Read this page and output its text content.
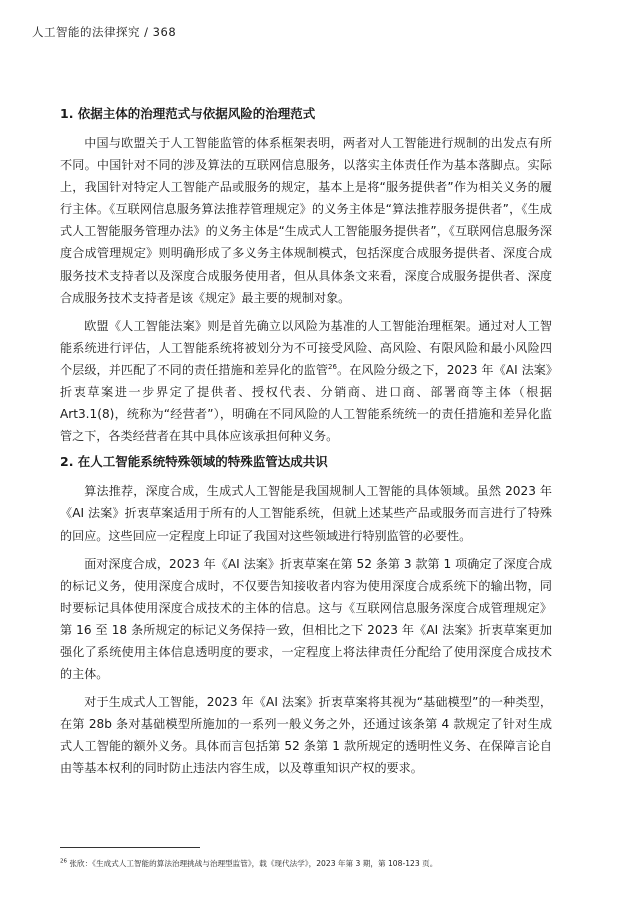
人工智能的法律探究 / 368
1. 依据主体的治理范式与依据风险的治理范式

中国与欧盟关于人工智能监管的体系框架表明，两者对人工智能进行规制的出发点有所不同。中国针对不同的涉及算法的互联网信息服务，以落实主体责任作为基本落脚点。实际上，我国针对特定人工智能产品或服务的规定，基本上是将“服务提供者”作为相关义务的履行主体。《互联网信息服务算法推荐管理规定》的义务主体是“算法推荐服务提供者”，《生成式人工智能服务管理办法》的义务主体是“生成式人工智能服务提供者”，《互联网信息服务深度合成管理规定》则明确形成了多义务主体规制模式，包括深度合成服务提供者、深度合成服务技术支持者以及深度合成服务使用者，但从具体条文来看，深度合成服务提供者、深度合成服务技术支持者是该《规定》最主要的规制对象。

欧盟《人工智能法案》则是首先确立以风险为基准的人工智能治理框架。通过对人工智能系统进行评估，人工智能系统将被划分为不可接受风险、高风险、有限风险和最小风险四个层级，并匹配了不同的责任措施和差异化的监管$^{26}$。在风险分级之下，2023 年《AI 法案》折衷草案进一步界定了提供者、授权代表、分销商、进口商、部署商等主体（根据 Art3.1(8)，统称为“经营者”），明确在不同风险的人工智能系统统一的责任措施和差异化监管之下，各类经营者在其中具体应该承担何种义务。

2. 在人工智能系统特殊领域的特殊监管达成共识

算法推荐，深度合成，生成式人工智能是我国规制人工智能的具体领域。虽然 2023 年《AI 法案》折衷草案适用于所有的人工智能系统，但就上述某些产品或服务而言进行了特殊的回应。这些回应一定程度上印证了我国对这些领域进行特别监管的必要性。

面对深度合成，2023 年《AI 法案》折衷草案在第 52 条第 3 款第 1 项确定了深度合成的标记义务，使用深度合成时，不仅要告知接收者内容为使用深度合成系统下的输出物，同时要标记具体使用深度合成技术的主体的信息。这与《互联网信息服务深度合成管理规定》第 16 至 18 条所规定的标记义务保持一致，但相比之下 2023 年《AI 法案》折衷草案更加强化了系统使用主体信息透明度的要求，一定程度上将法律责任分配给了使用深度合成技术的主体。

对于生成式人工智能，2023 年《AI 法案》折衷草案将其视为“基础模型”的一种类型，在第 28b 条对基础模型所施加的一系列一般义务之外，还通过该条第 4 款规定了针对生成式人工智能的额外义务。具体而言包括第 52 条第 1 款所规定的透明性义务、在保障言论自由等基本权利的同时防止违法内容生成，以及尊重知识产权的要求。

$^{26}$ 张欣：《生成式人工智能的算法治理挑战与治理型监管》，载《现代法学》，2023 年第 3 期，第 108-123 页。
